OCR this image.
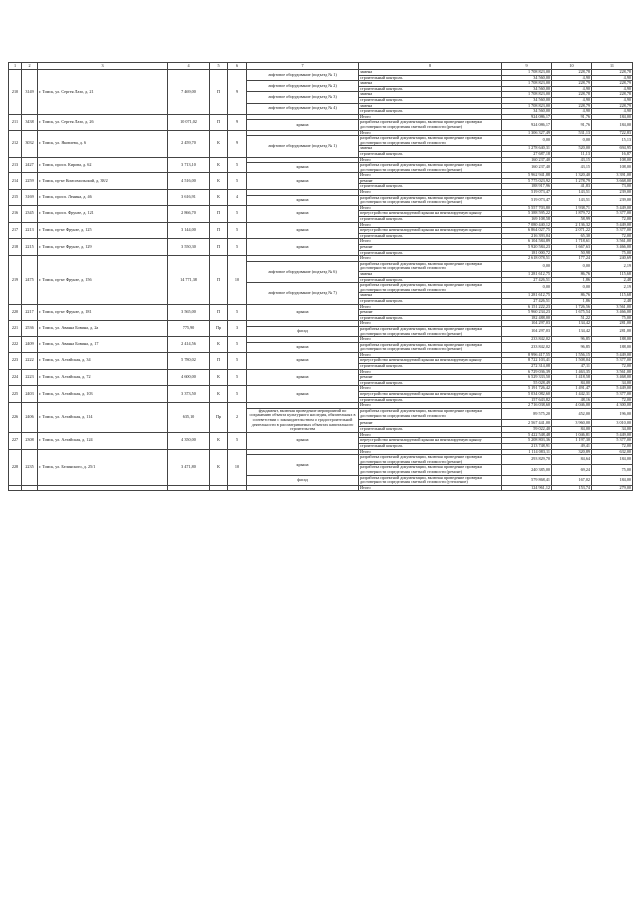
1	2	3	4	5	6	7	8	9	10	11
210	3149	г. Томск, ул. Сергея Лазо, д. 21	7 469,00	П	9	лифтовое оборудование (подъезд № 1)	замена	1 708 823,00	228,78	228,78
							строительный контроль	34 560,00	4,90	4,90
						лифтовое оборудование (подъезд № 2)	замена	1 708 823,00	228,79	228,79
							строительный контроль	34 560,00	4,90	4,90
						лифтовое оборудование (подъезд № 3)	замена	1 708 823,00	228,78	228,78
							строительный контроль	34 560,00	4,90	4,90
						лифтовое оборудование (подъезд № 4)	замена	1 708 823,00	228,79	228,79
							строительный контроль	34 560,00	4,90	4,90
211	3438	г. Томск, ул. Сергея Лазо, д. 26	10 071,02	П	9		Итого	924 086,17	91,76	184,00
						крыша	разработка проектной документации, включая проведение проверки достоверности определения сметной стоимости (ремонт)	924 086,17	91,76	184,00
212	3032	г. Томск, ул. Яковлева, д. 6	2 459,70	К	9		Итого	1 306 327,49	531,13	722,83
						лифтовое оборудование (подъезд № 1)	разработка проектной документации, включая проведение проверки достоверности определения сметной стоимости	0,00	0,00	15,13
							замена	1 278 640,31	520,00	694,95
							строительный контроль	27 687,18	11,13	16,87
213	2427	г. Томск, просп. Кирова, д. 62	3 713,10	К	5		Итого	160 237,40	43,15	108,00
						крыша	разработка проектной документации, включая проведение проверки достоверности определения сметной стоимости (ремонт)	160 237,40	43,15	108,00
214	2259	г. Томск, пр-кт Комсомольский, д. 38/2	4 516,00	К	5	крыша	Итого	5 962 941,88	1 320,40	3 391,00
							ремонт	5 775 023,92	1 278,79	3 668,00
							строительный контроль	188 917,96	41,83	73,00
215	3169	г. Томск, просп. Ленина, д. 46	3 616,91	К	4		Итого	519 073,47	143,51	239,00
						крыша	разработка проектной документации, включая проведение проверки достоверности определения сметной стоимости (ремонт)	519 073,47	143,51	239,00
216	2345	г. Томск, просп. Фрунзе, д. 121	2 866,70	П	5	крыша	Итого	5 557 703,80	1 938,71	5 449,00
							переустройство невентилируемой крыши на вентилируемую крышу	5 388 595,22	1 879,72	5 377,00
							строительный контроль	169 108,58	58,99	72,00
217	2213	г. Томск, пр-кт Фрунзе, д. 125	3 144,00	П	5	крыша	Итого	7 080 440,12	2 136,32	5 449,00
							переустройство невентилируемой крыши на вентилируемую крышу	6 864 027,75	2 071,22	5 377,00
							строительный контроль	216 393,04	65,30	72,00
218	2215	г. Томск, пр-кт Фрунзе, д. 129	3 550,30	П	5	крыша	Итого	6 104 584,89	1 718,61	3 561,00
							ремонт	5 920 584,23	1 667,63	3 466,00
							строительный контроль	181 000,72	50,98	75,00
219	2475	г. Томск, пр-кт Фрунзе, д. 156	14 771,38	П	10		Итого	2 618 078,51	177,24	240,69
						лифтовое оборудование (подъезд № 6)	разработка проектной документации, включая проведение проверки достоверности определения сметной стоимости	0,00	0,00	2,19
							замена	1 281 612,75	86,76	115,68
							строительный контроль	27 426,51	1,86	2,48
						лифтовое оборудование (подъезд № 7)	разработка проектной документации, включая проведение проверки достоверности определения сметной стоимости	0,00	0,00	2,19
							замена	1 281 612,75	86,76	115,68
							строительный контроль	27 426,51	1,86	2,48
220	2217	г. Томск, пр-кт Фрунзе, д. 181	3 565,00	П	5	крыша	Итого	6 151 222,23	1 726,56	3 561,00
							ремонт	5 960 234,23	1 675,54	3 466,00
							строительный контроль	182 488,00	51,22	75,00
221	2536	г. Томск, ул. Аваяна Бовина, д. 2а	775,90	Пр	3		Итого	104 297,03	134,42	281,00
						фасад	разработка проектной документации, включая проведение проверки достоверности определения сметной стоимости (ремонт)	104 297,03	134,42	281,00
222	2409	г. Томск, ул. Аваяна Бовина, д. 17	2 414,56	К	5		Итого	233 842,02	96,85	188,00
						крыша	разработка проектной документации, включая проведение проверки достоверности определения сметной стоимости (ремонт)	233 842,02	96,85	188,00
223	2222	г. Томск, ул. Алтайская, д. 34	5 780,02	П	5	крыша	Итого	8 996 417,55	1 556,15	5 449,00
							переустройство невентилируемой крыши на вентилируемую крышу	8 722 103,41	1 508,04	5 377,00
							строительный контроль	272 314,08	47,11	72,00
224	2223	г. Томск, ул. Алтайская, д. 72	4 600,00	К	5	крыша	Итого	6 729 036,39	1 463,35	3 561,00
							ремонт	6 529 333,50	1 418,58	3 468,00
							строительный контроль	55 028,49	84,00	34,00
225	2403	г. Томск, ул. Алтайская, д. 103	3 373,50	К	5	крыша	Итого	5 191 726,42	1 491,47	5 449,00
							переустройство невентилируемой крыши на вентилируемую крышу	5 034 082,60	1 442,31	5 377,00
							строительный контроль	157 643,82	48,16	72,00
226	2406	г. Томск, ул. Алтайская, д. 114	635,10	Пр	2		Итого	2 716 038,60	4 046,00	4 300,00
						фундамент, включая проведение мероприятий по сохранению объекта культурного наследия, обязательных в соответствии с законодательством о градостроительной деятельности в рассматриваемых объектах капитального строительства	разработка проектной документации, включая проведение проверки достоверности определения сметной стоимости	89 575,20	452,00	196,00
							ремонт	2 567 441,00	3 960,00	3 010,00
							строительный контроль	59 022,40	84,00	34,00
227	2308	г. Томск, ул. Алтайская, д. 124	4 350,00	К	5	крыша	Итого	5 422 548,48	1 046,81	5 449,00
							переустройство невентилируемой крыши на вентилируемую крышу	5 208 803,36	1 197,30	5 377,00
							строительный контроль	213 748,91	49,41	72,00
228	2235	г. Томск, ул. Белинского, д. 25/1	3 471,80	К	10		Итого	1 114 083,11	320,89	632,00
						крыша	разработка проектной документации, включая проведение проверки достоверности определения сметной стоимости (ремонт)	293 829,70	84,64	184,00
							разработка проектной документации, включая проведение проверки достоверности определения сметной стоимости (ремонт)	240 385,00	69,24	75,00
						фасад	разработка проектной документации, включая проведение проверки достоверности определения сметной стоимости (утепление)	579 868,41	167,02	184,00
							Итого	124 961,12	153,74	279,00
